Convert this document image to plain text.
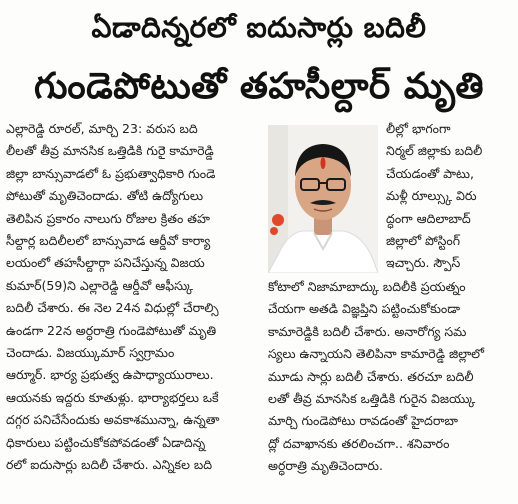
ఏడాదిన్నరలో ఐదుసార్లు బదిలీ
గుండెపోటుతో తహసీల్దార్ మృతి
ఎల్లారెడ్డి రూరల్, మార్చి 23: వరుస బది
లీలతో తీవ్ర మానసిక ఒత్తిడికి గురైె కామారెడ్డి
జిల్లా బాన్సువాడలో ఓ ప్రభుత్వాధికారి గుండె
పోటుతో మృతిచెందాడు. తోటి ఉద్యోగులు
తెలిపిన ప్రకారం నాలుగు రోజుల క్రితం తహ
సీల్దార్ల బదిలీలలో బాన్సువాడ ఆర్డీవో కార్యా
లయంలో తహసీల్దార్గా పనిచేస్తున్న విజయ
కుమార్(59)ని ఎల్లారెడ్డి ఆర్డీవో ఆఫీస్కు
బదిలీ చేశారు. ఈ నెల 24న విధుల్లో చేరాల్సి
ఉండగా 22న అర్ధరాత్రి గుండెపోటుతో మృతి
చెందాడు. విజయ్కుమార్ స్వగ్రామం
ఆర్మూర్. భార్య ప్రభుత్వ ఉపాధ్యాయురాలు.
ఆయనకు ఇద్దరు కూతుళ్లు. భార్యాభర్తలు ఒకే
దగ్గర పనిచేసేందుకు అవకాశమున్నా, ఉన్నతా
ధికారులు పట్టించుకోకపోవడంతో ఏడాదిన్న
రలో ఐదుసార్లు బదిలీ చేశారు. ఎన్నికల బది
లీల్లో భాగంగా
నిర్మల్ జిల్లాకు బదిలీ
చేయడంతో పాటు,
మళ్లీ రూల్స్కు విరు
ద్ధంగా ఆదిలాబాద్
జిల్లాలో పోస్టింగ్
ఇచ్చారు. స్పౌస్
కోటాలో నిజామాబాద్కు బదిలీకి ప్రయత్నం
చేయగా అతడి విజ్ఞప్తిని పట్టించుకోకుండా
కామారెడ్డికి బదిలీ చేశారు. అనారోగ్య సమ
స్యలు ఉన్నాయని తెలిపినా కామారెడ్డి జిల్లాలో
మూడు సార్లు బదిలీ చేశారు. తరచూ బదిలీ
లతో తీవ్ర మానసిక ఒత్తిడికి గురైన విజయ్కు
మార్చి గుండెపోటు రావడంతో హైదరాబా
ద్లో దవాఖానకు తరలించగా.. శనివారం
అర్ధరాత్రి మృతిచెందారు.
